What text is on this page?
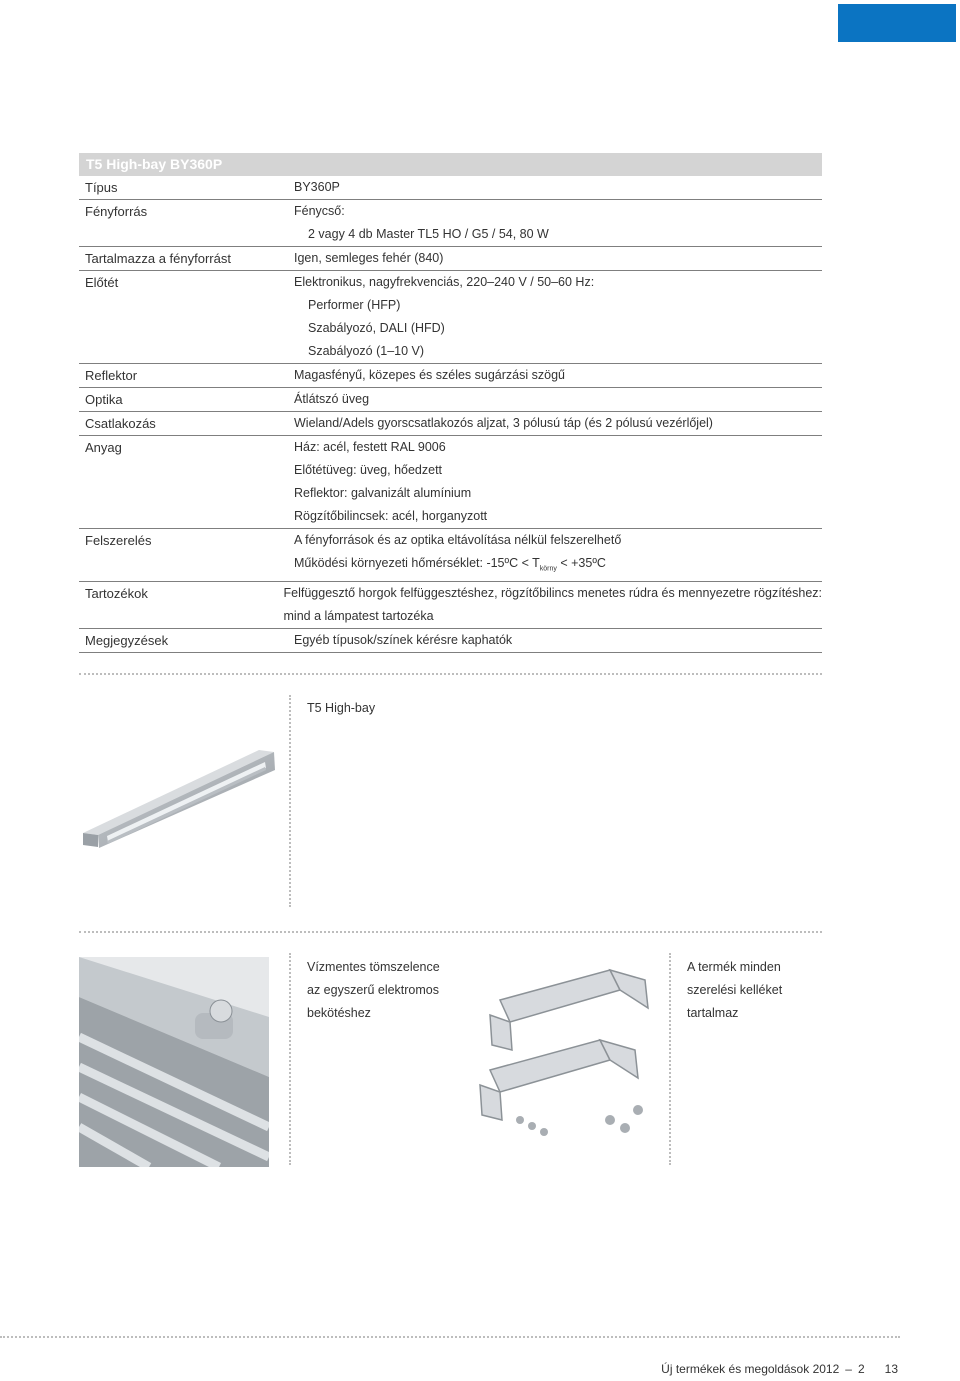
T5 High-bay BY360P
Típus	BY360P
Fényforrás	Fénycső:
2 vagy 4 db Master TL5 HO / G5 / 54, 80 W
Tartalmazza a fényforrást	Igen, semleges fehér (840)
Előtét	Elektronikus, nagyfrekvenciás, 220–240 V / 50–60 Hz:
Performer (HFP)
Szabályozó, DALI (HFD)
Szabályozó (1–10 V)
Reflektor	Magasfényű, közepes és széles sugárzási szögű
Optika	Átlátszó üveg
Csatlakozás	Wieland/Adels gyorscsatlakozós aljzat, 3 pólusú táp (és 2 pólusú vezérlőjel)
Anyag	Ház: acél, festett RAL 9006
Előtétüveg: üveg, hőedzett
Reflektor: galvanizált alumínium
Rögzítőbilincsek: acél, horganyzott
Felszerelés	A fényforrások és az optika eltávolítása nélkül felszerelhető
Működési környezeti hőmérséklet: -15ºC < $T_{körny}$ < +35ºC
Tartozékok	Felfüggesztő horgok felfüggesztéshez, rögzítőbilincs menetes rúdra és mennyezetre rögzítéshez:
mind a lámpatest tartozéka
Megjegyzések	Egyéb típusok/színek kérésre kaphatók
T5 High-bay
Vízmentes tömszelence
az egyszerű elektromos
bekötéshez
A termék minden
szerelési kelléket
tartalmaz
Új termékek és megoldások 2012 – 2 13
